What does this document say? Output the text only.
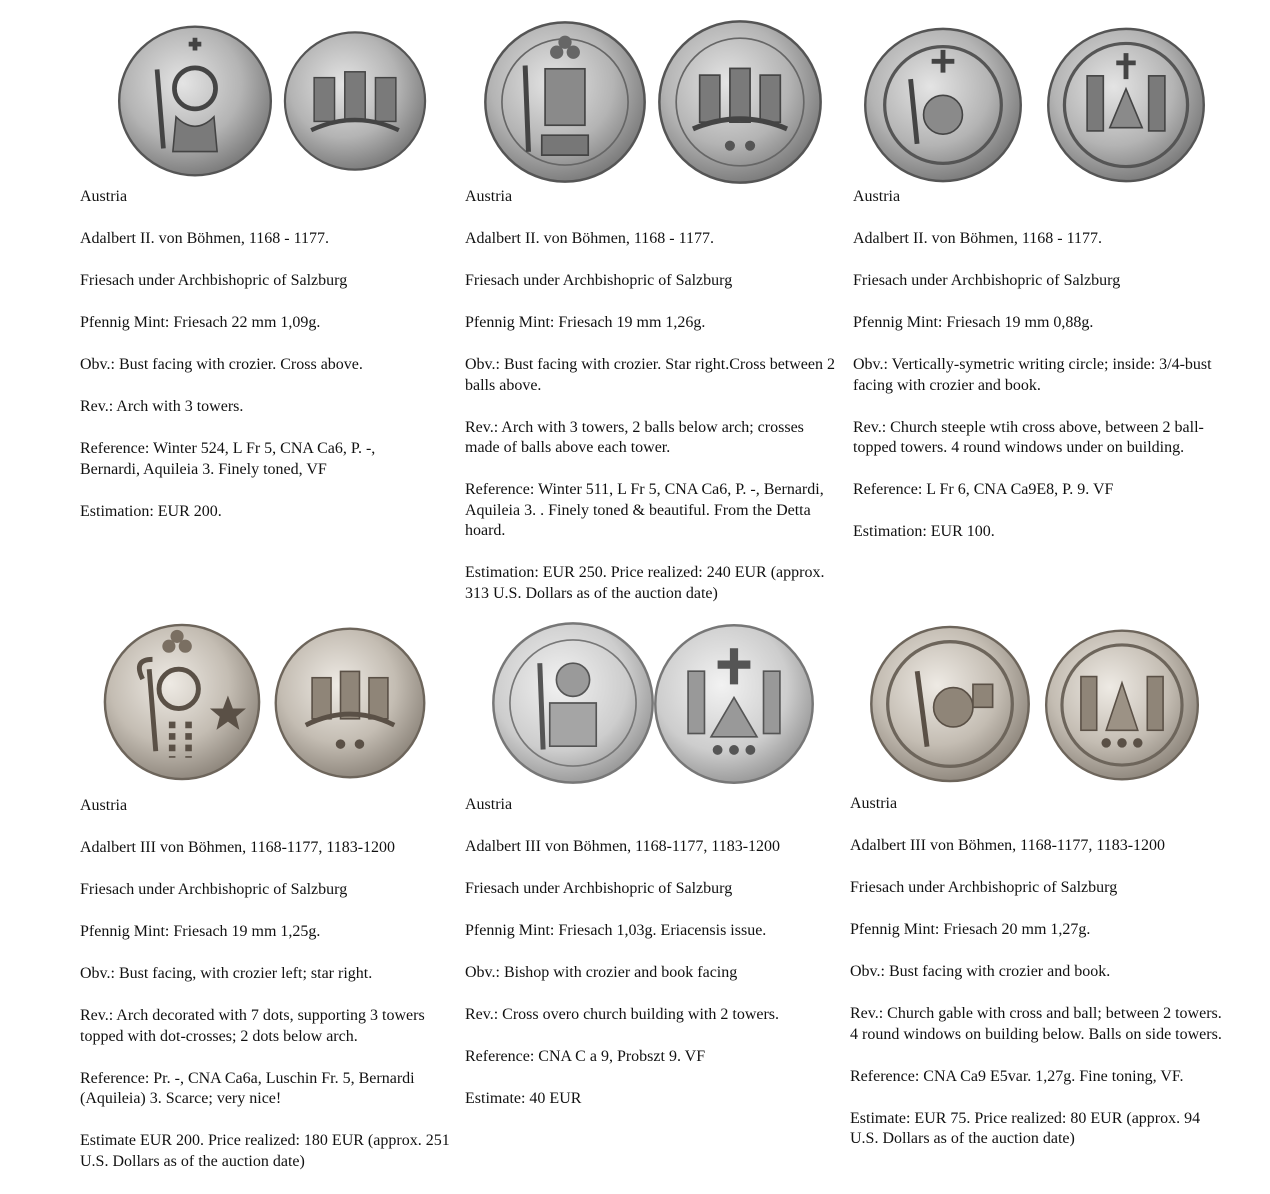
Austria

Adalbert II. von Böhmen, 1168 - 1177.

Friesach under Archbishopric of Salzburg

Pfennig Mint: Friesach 22 mm 1,09g.

Obv.: Bust facing with crozier. Cross above.

Rev.: Arch with 3 towers.

Reference: Winter 524, L Fr 5, CNA Ca6, P. -, Bernardi, Aquileia 3. Finely toned, VF

Estimation: EUR 200.

Austria

Adalbert II. von Böhmen, 1168 - 1177.

Friesach under Archbishopric of Salzburg

Pfennig Mint: Friesach 19 mm 1,26g.

Obv.: Bust facing with crozier. Star right.Cross between 2 balls above.

Rev.: Arch with 3 towers, 2 balls below arch; crosses made of balls above each tower.

Reference: Winter 511, L Fr 5, CNA Ca6, P. -, Bernardi, Aquileia 3. . Finely toned & beautiful. From the Detta hoard.

Estimation: EUR 250. Price realized: 240 EUR (approx. 313 U.S. Dollars as of the auction date)

Austria

Adalbert II. von Böhmen, 1168 - 1177.

Friesach under Archbishopric of Salzburg

Pfennig Mint: Friesach 19 mm 0,88g.

Obv.: Vertically-symetric writing circle; inside: 3/4-bust facing with crozier and book.

Rev.: Church steeple wtih cross above, between 2 ball-topped towers. 4 round windows under on building.

Reference: L Fr 6, CNA Ca9E8, P. 9. VF

Estimation: EUR 100.

Austria

Adalbert III von Böhmen, 1168-1177, 1183-1200

Friesach under Archbishopric of Salzburg

Pfennig Mint: Friesach 19 mm 1,25g.

Obv.: Bust facing, with crozier left; star right.

Rev.: Arch decorated with 7 dots, supporting 3 towers topped with dot-crosses; 2 dots below arch.

Reference: Pr. -, CNA Ca6a, Luschin Fr. 5, Bernardi (Aquileia) 3. Scarce; very nice!

Estimate EUR 200. Price realized: 180 EUR (approx. 251 U.S. Dollars as of the auction date)

Austria

Adalbert III von Böhmen, 1168-1177, 1183-1200

Friesach under Archbishopric of Salzburg

Pfennig Mint: Friesach 1,03g. Eriacensis issue.

Obv.: Bishop with crozier and book facing

Rev.: Cross overo church building with 2 towers.

Reference: CNA C a 9, Probszt 9. VF

Estimate: 40 EUR

Austria

Adalbert III von Böhmen, 1168-1177, 1183-1200

Friesach under Archbishopric of Salzburg

Pfennig Mint: Friesach 20 mm 1,27g.

Obv.: Bust facing with crozier and book.

Rev.: Church gable with cross and ball; between 2 towers. 4 round windows on building below. Balls on side towers.

Reference: CNA Ca9 E5var. 1,27g. Fine toning, VF.

Estimate: EUR 75. Price realized: 80 EUR (approx. 94 U.S. Dollars as of the auction date)
